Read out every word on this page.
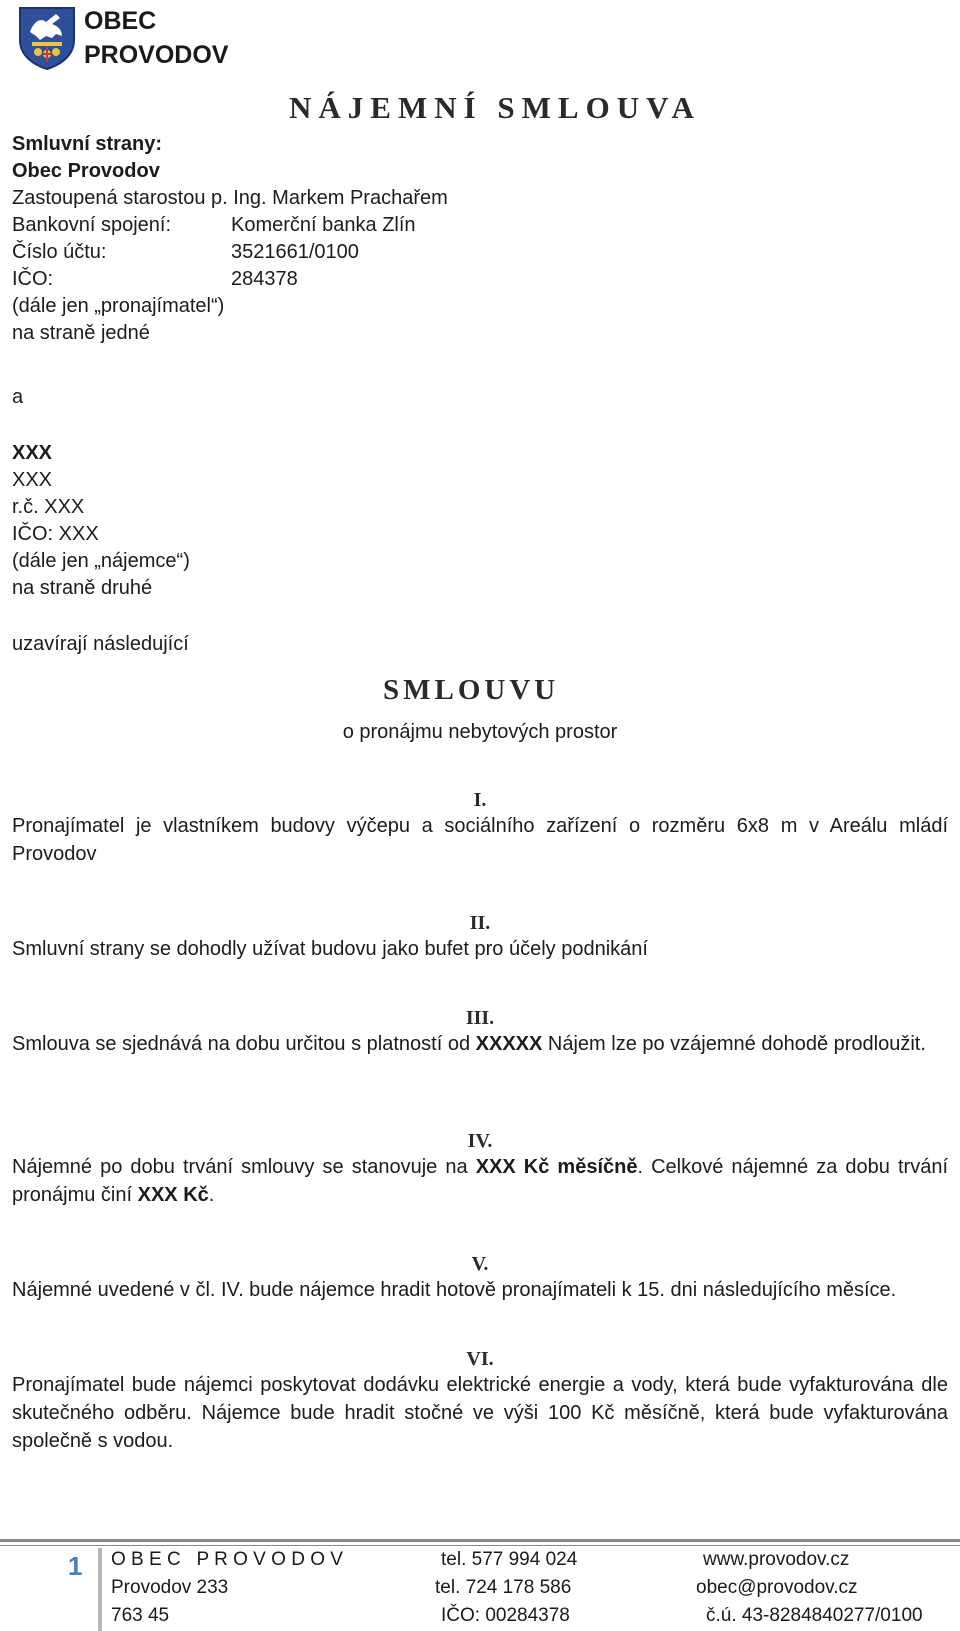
OBEC
PROVODOV
NÁJEMNÍ SMLOUVA
Smluvní strany:
Obec Provodov
Zastoupená starostou p. Ing. Markem Prachařem
Bankovní spojení:	Komerční banka Zlín
Číslo účtu:	3521661/0100
IČO:	284378
(dále jen „pronajímatel“)
na straně jedné
a
XXX
XXX
r.č. XXX
IČO: XXX
(dále jen „nájemce“)
na straně druhé
uzavírají následující
SMLOUVU
o pronájmu nebytových prostor
I.
Pronajímatel je vlastníkem budovy výčepu a sociálního zařízení o rozměru 6x8 m v Areálu mládí Provodov
II.
Smluvní strany se dohodly užívat budovu jako bufet pro účely podnikání
III.
Smlouva se sjednává na dobu určitou s platností od XXXXX Nájem lze po vzájemné dohodě prodloužit.
IV.
Nájemné po dobu trvání smlouvy se stanovuje na XXX Kč měsíčně. Celkové nájemné za dobu trvání pronájmu činí XXX Kč.
V.
Nájemné uvedené v čl. IV. bude nájemce hradit hotově pronajímateli k 15. dni následujícího měsíce.
VI.
Pronajímatel bude nájemci poskytovat dodávku elektrické energie a vody, která bude vyfakturována dle skutečného odběru. Nájemce bude hradit stočné ve výši 100 Kč měsíčně, která bude vyfakturována společně s vodou.
1 O B E C   P R O V O D O V
Provodov 233
763 45
tel. 577 994 024
tel. 724 178 586
IČO: 00284378
www.provodov.cz
obec@provodov.cz
č.ú. 43-8284840277/0100
